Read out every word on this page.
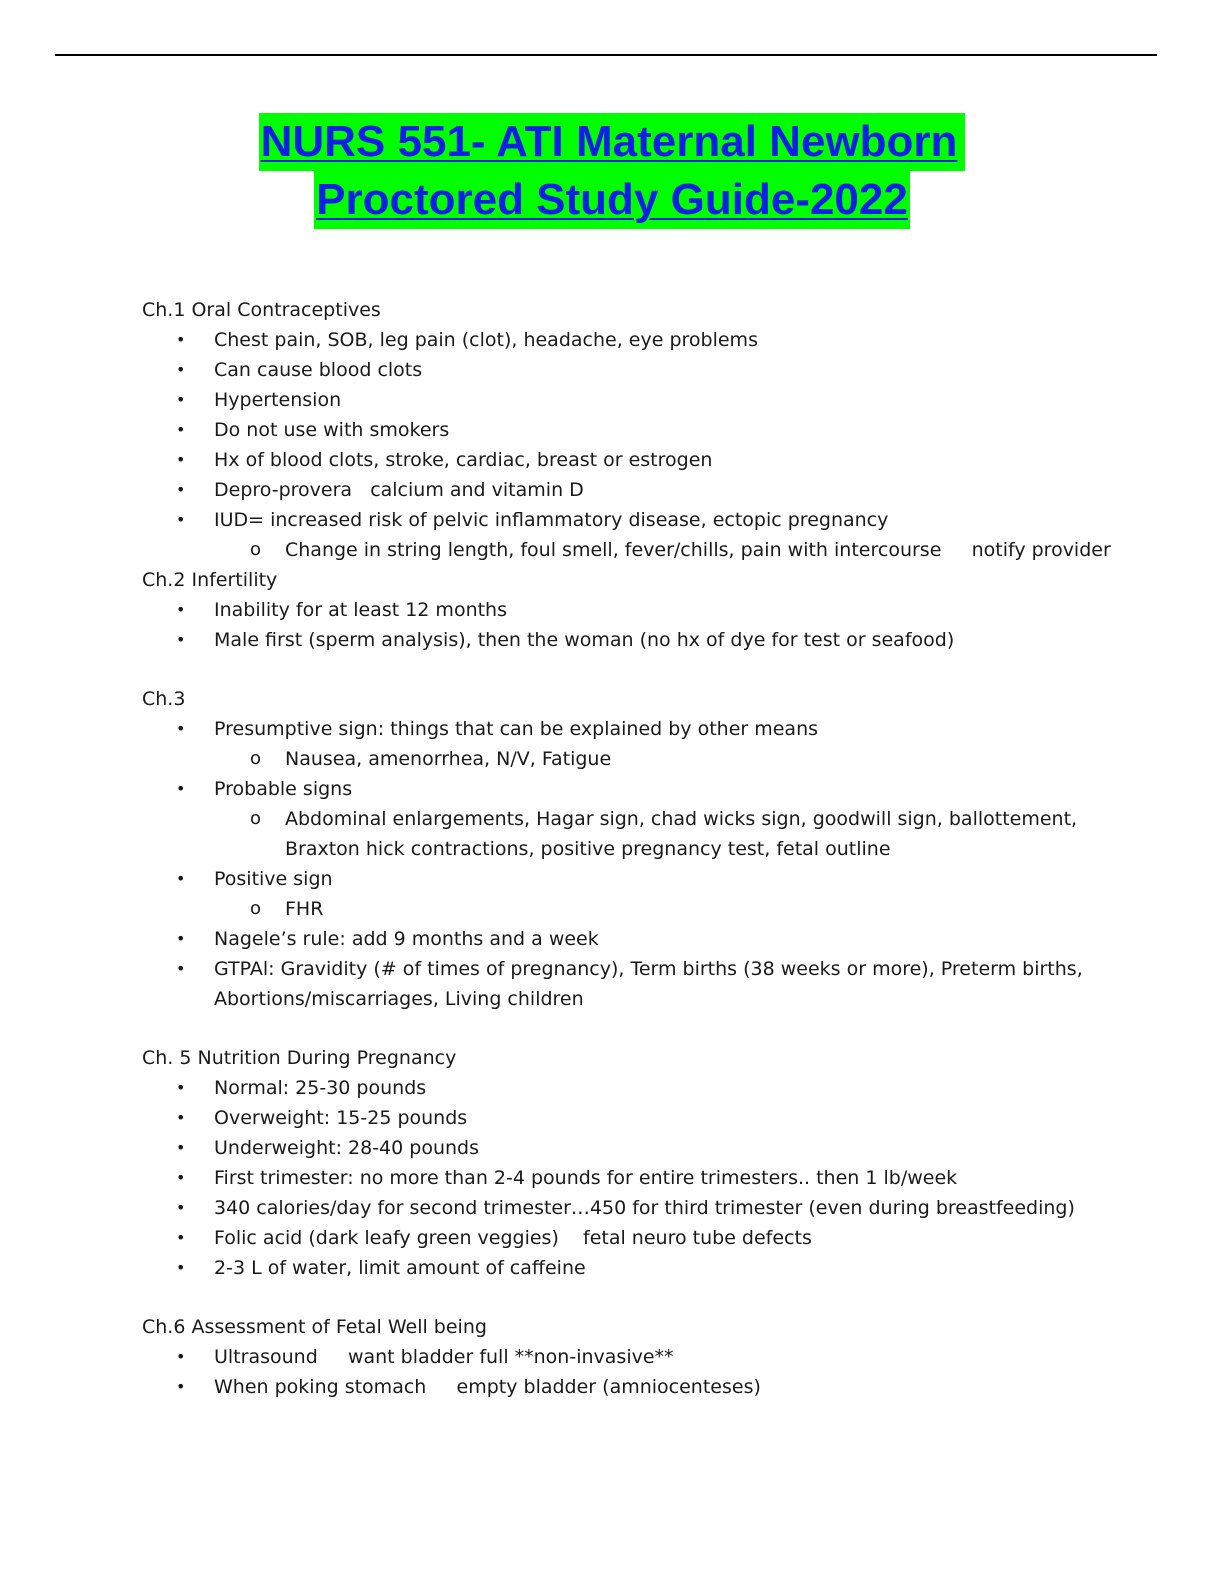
NURS 551- ATI Maternal Newborn
Proctored Study Guide-2022
Ch.1 Oral Contraceptives
• Chest pain, SOB, leg pain (clot), headache, eye problems
• Can cause blood clots
• Hypertension
• Do not use with smokers
• Hx of blood clots, stroke, cardiac, breast or estrogen
• Depro-provera   calcium and vitamin D
• IUD= increased risk of pelvic inflammatory disease, ectopic pregnancy
o Change in string length, foul smell, fever/chills, pain with intercourse     notify provider
Ch.2 Infertility
• Inability for at least 12 months
• Male first (sperm analysis), then the woman (no hx of dye for test or seafood)
Ch.3
• Presumptive sign: things that can be explained by other means
o Nausea, amenorrhea, N/V, Fatigue
• Probable signs
o Abdominal enlargements, Hagar sign, chad wicks sign, goodwill sign, ballottement, Braxton hick contractions, positive pregnancy test, fetal outline
• Positive sign
o FHR
• Nagele’s rule: add 9 months and a week
• GTPAl: Gravidity (# of times of pregnancy), Term births (38 weeks or more), Preterm births, Abortions/miscarriages, Living children
Ch. 5 Nutrition During Pregnancy
• Normal: 25-30 pounds
• Overweight: 15-25 pounds
• Underweight: 28-40 pounds
• First trimester: no more than 2-4 pounds for entire trimesters.. then 1 lb/week
• 340 calories/day for second trimester…450 for third trimester (even during breastfeeding)
• Folic acid (dark leafy green veggies)    fetal neuro tube defects
• 2-3 L of water, limit amount of caffeine
Ch.6 Assessment of Fetal Well being
• Ultrasound     want bladder full **non-invasive**
• When poking stomach     empty bladder (amniocenteses)
